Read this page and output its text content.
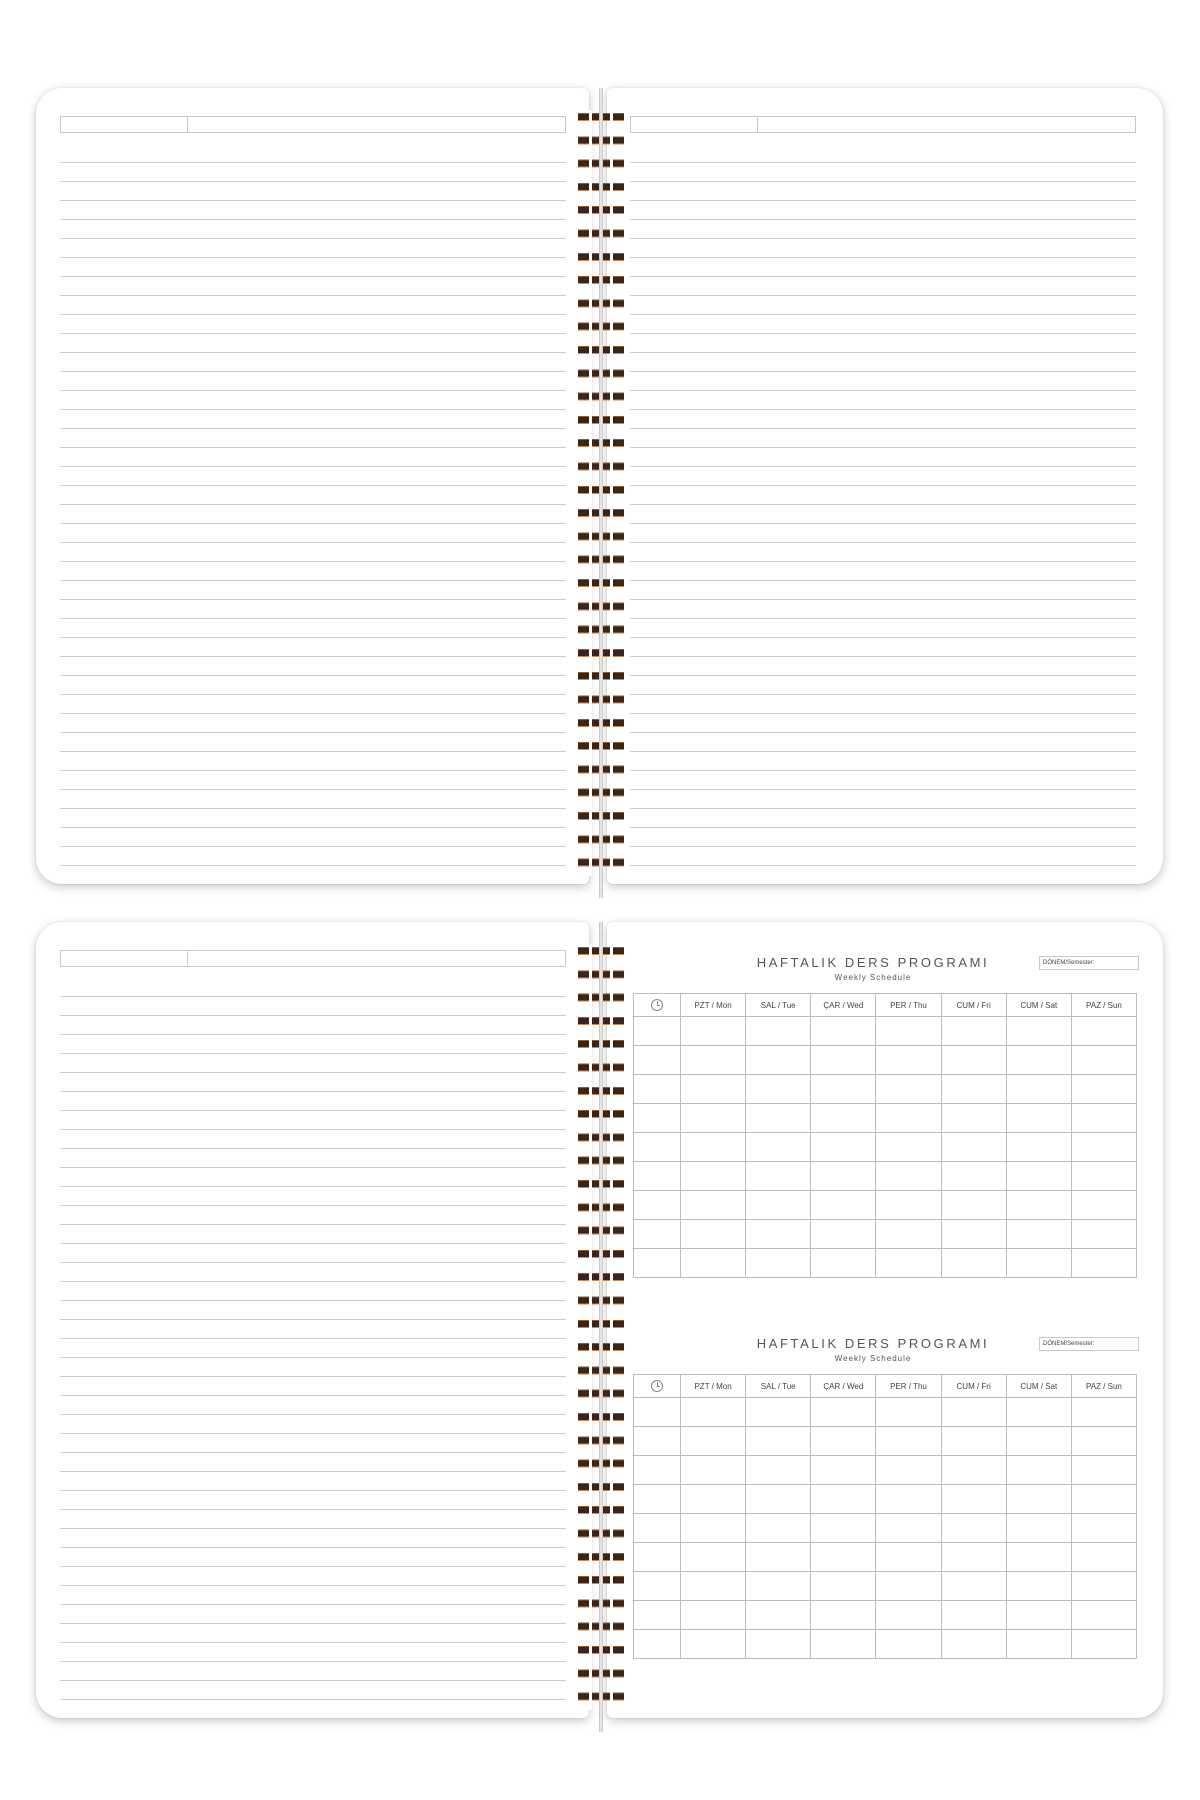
HAFTALIK DERS PROGRAMI
Weekly Schedule
DÖNEM/Semester:
	PZT / Mon	SAL / Tue	ÇAR / Wed	PER / Thu	CUM / Fri	CUM / Sat	PAZ / Sun

HAFTALIK DERS PROGRAMI
Weekly Schedule
DÖNEM/Semester:
	PZT / Mon	SAL / Tue	ÇAR / Wed	PER / Thu	CUM / Fri	CUM / Sat	PAZ / Sun
